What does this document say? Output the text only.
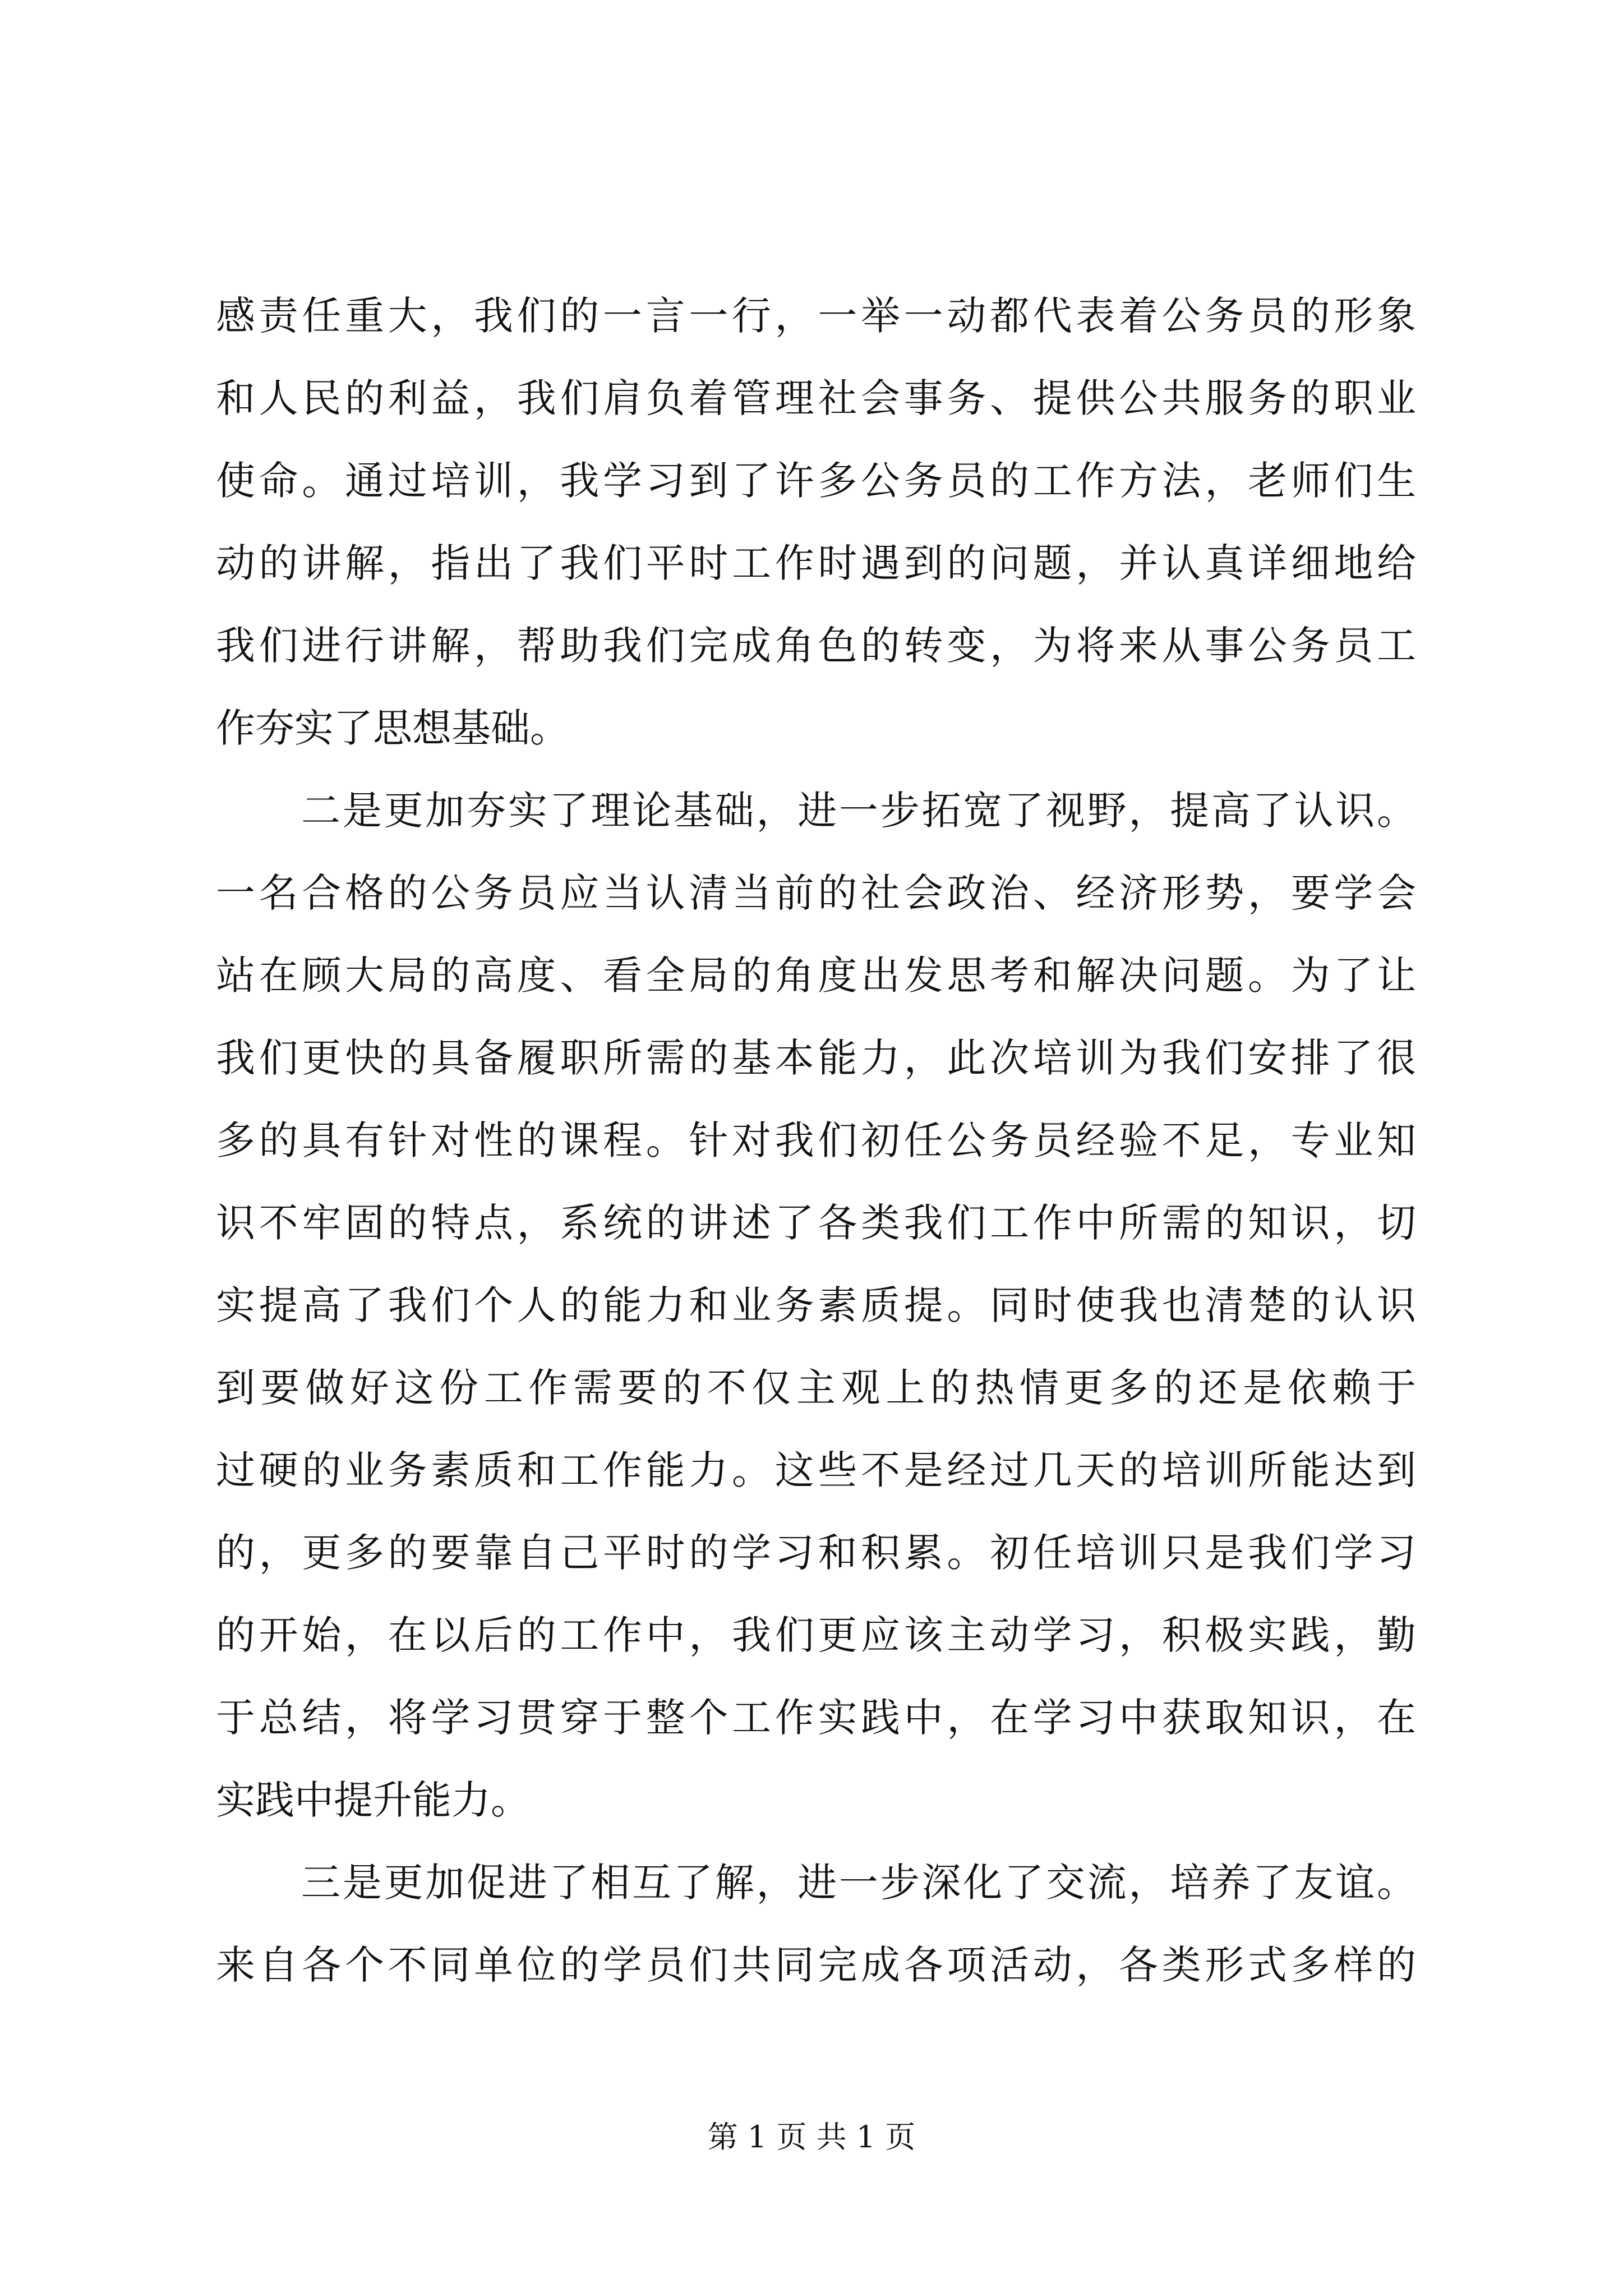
感责任重大，我们的一言一行，一举一动都代表着公务员的形象
和人民的利益，我们肩负着管理社会事务、提供公共服务的职业
使命。通过培训，我学习到了许多公务员的工作方法，老师们生
动的讲解，指出了我们平时工作时遇到的问题，并认真详细地给
我们进行讲解，帮助我们完成角色的转变，为将来从事公务员工
作夯实了思想基础。
二是更加夯实了理论基础，进一步拓宽了视野，提高了认识。
一名合格的公务员应当认清当前的社会政治、经济形势，要学会
站在顾大局的高度、看全局的角度出发思考和解决问题。为了让
我们更快的具备履职所需的基本能力，此次培训为我们安排了很
多的具有针对性的课程。针对我们初任公务员经验不足，专业知
识不牢固的特点，系统的讲述了各类我们工作中所需的知识，切
实提高了我们个人的能力和业务素质提。同时使我也清楚的认识
到要做好这份工作需要的不仅主观上的热情更多的还是依赖于
过硬的业务素质和工作能力。这些不是经过几天的培训所能达到
的，更多的要靠自己平时的学习和积累。初任培训只是我们学习
的开始，在以后的工作中，我们更应该主动学习，积极实践，勤
于总结，将学习贯穿于整个工作实践中，在学习中获取知识，在
实践中提升能力。
三是更加促进了相互了解，进一步深化了交流，培养了友谊。
来自各个不同单位的学员们共同完成各项活动，各类形式多样的
第 1 页 共 1 页
